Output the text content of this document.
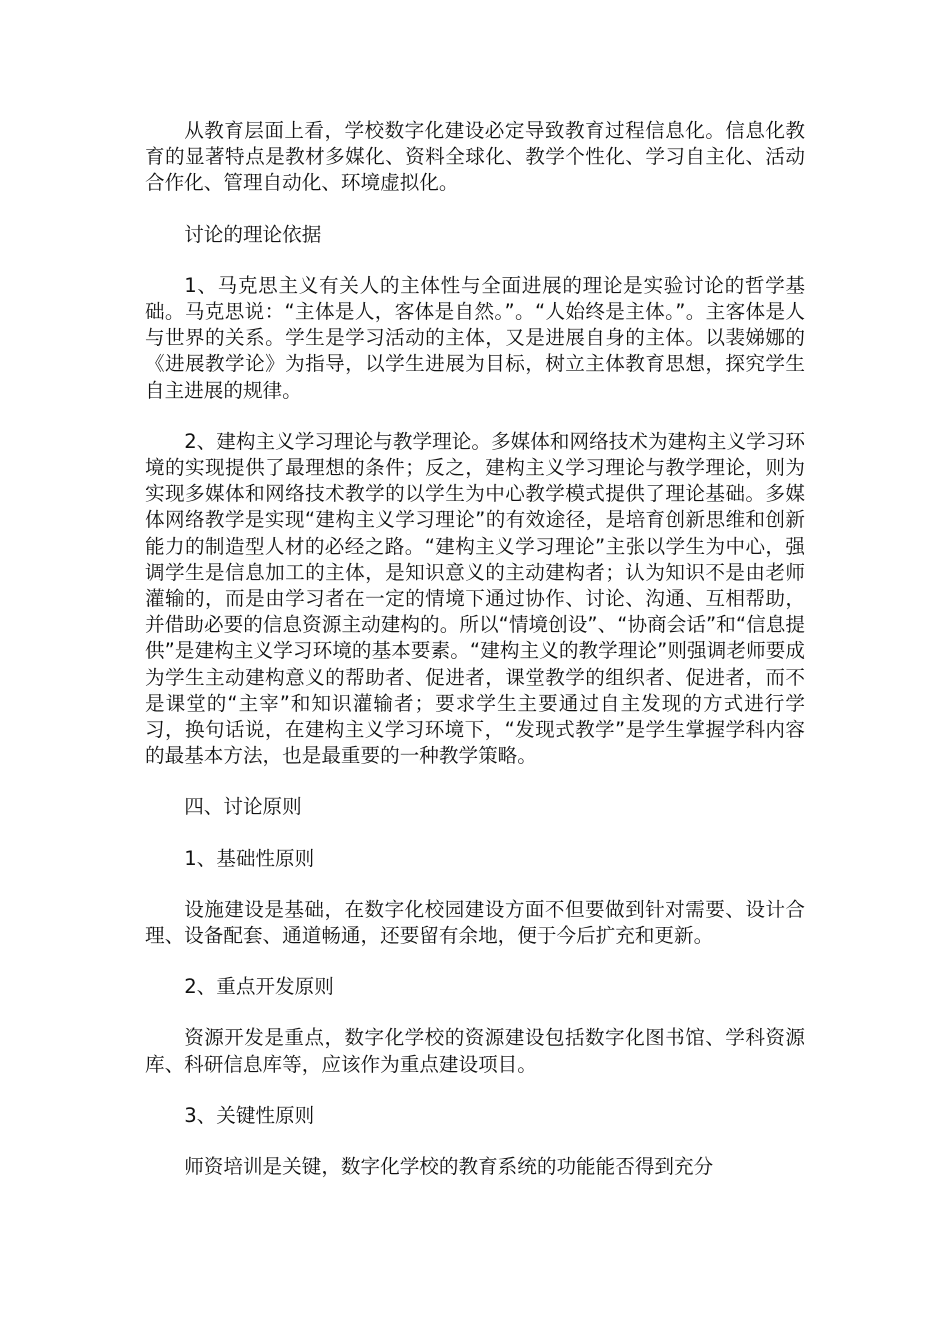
从教育层面上看，学校数字化建设必定导致教育过程信息化。信息化教育的显著特点是教材多媒化、资料全球化、教学个性化、学习自主化、活动合作化、管理自动化、环境虚拟化。

讨论的理论依据

1、马克思主义有关人的主体性与全面进展的理论是实验讨论的哲学基础。马克思说：“主体是人，客体是自然。”。“人始终是主体。”。主客体是人与世界的关系。学生是学习活动的主体，又是进展自身的主体。以裴娣娜的《进展教学论》为指导，以学生进展为目标，树立主体教育思想，探究学生自主进展的规律。

2、建构主义学习理论与教学理论。多媒体和网络技术为建构主义学习环境的实现提供了最理想的条件；反之，建构主义学习理论与教学理论，则为实现多媒体和网络技术教学的以学生为中心教学模式提供了理论基础。多媒体网络教学是实现“建构主义学习理论”的有效途径，是培育创新思维和创新能力的制造型人材的必经之路。“建构主义学习理论”主张以学生为中心，强调学生是信息加工的主体，是知识意义的主动建构者；认为知识不是由老师灌输的，而是由学习者在一定的情境下通过协作、讨论、沟通、互相帮助，并借助必要的信息资源主动建构的。所以“情境创设”、“协商会话”和“信息提供”是建构主义学习环境的基本要素。“建构主义的教学理论”则强调老师要成为学生主动建构意义的帮助者、促进者，课堂教学的组织者、促进者，而不是课堂的“主宰”和知识灌输者；要求学生主要通过自主发现的方式进行学习，换句话说，在建构主义学习环境下，“发现式教学”是学生掌握学科内容的最基本方法，也是最重要的一种教学策略。

四、讨论原则

1、基础性原则

设施建设是基础，在数字化校园建设方面不但要做到针对需要、设计合理、设备配套、通道畅通，还要留有余地，便于今后扩充和更新。

2、重点开发原则

资源开发是重点，数字化学校的资源建设包括数字化图书馆、学科资源库、科研信息库等，应该作为重点建设项目。

3、关键性原则

师资培训是关键，数字化学校的教育系统的功能能否得到充分
